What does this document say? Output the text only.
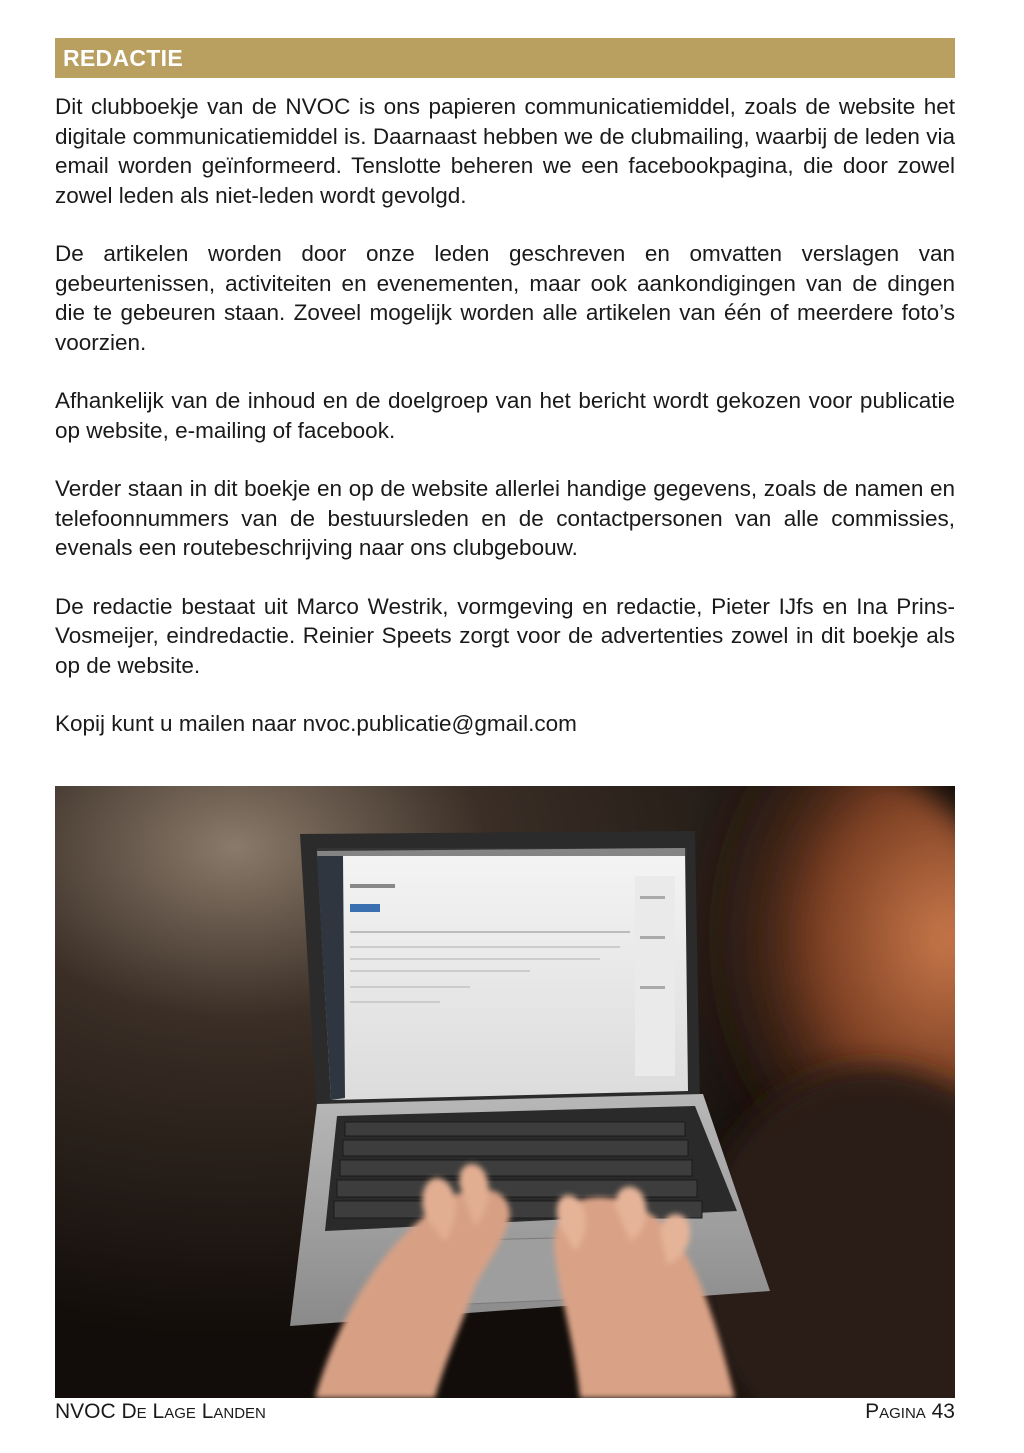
REDACTIE

Dit clubboekje van de NVOC is ons papieren communicatiemiddel, zoals de website het digitale communicatiemiddel is. Daarnaast hebben we de clubmailing, waarbij de leden via email worden geïnformeerd. Tenslotte beheren we een facebookpagina, die door zowel zowel leden als niet-leden wordt gevolgd.

De artikelen worden door onze leden geschreven en omvatten verslagen van gebeurtenissen, activiteiten en evenementen, maar ook aankondigingen van de dingen die te gebeuren staan. Zoveel mogelijk worden alle artikelen van één of meerdere foto’s voorzien.

Afhankelijk van de inhoud en de doelgroep van het bericht wordt gekozen voor publicatie op website, e-mailing of facebook.

Verder staan in dit boekje en op de website allerlei handige gegevens, zoals de namen en telefoonnummers van de bestuursleden en de contactpersonen van alle commissies, evenals een routebeschrijving naar ons clubgebouw.

De redactie bestaat uit Marco Westrik, vormgeving en redactie, Pieter IJfs en Ina Prins-Vosmeijer, eindredactie. Reinier Speets zorgt voor de advertenties zowel in dit boekje als op de website.

Kopij kunt u mailen naar nvoc.publicatie@gmail.com

NVOC De Lage Landen	Pagina 43
